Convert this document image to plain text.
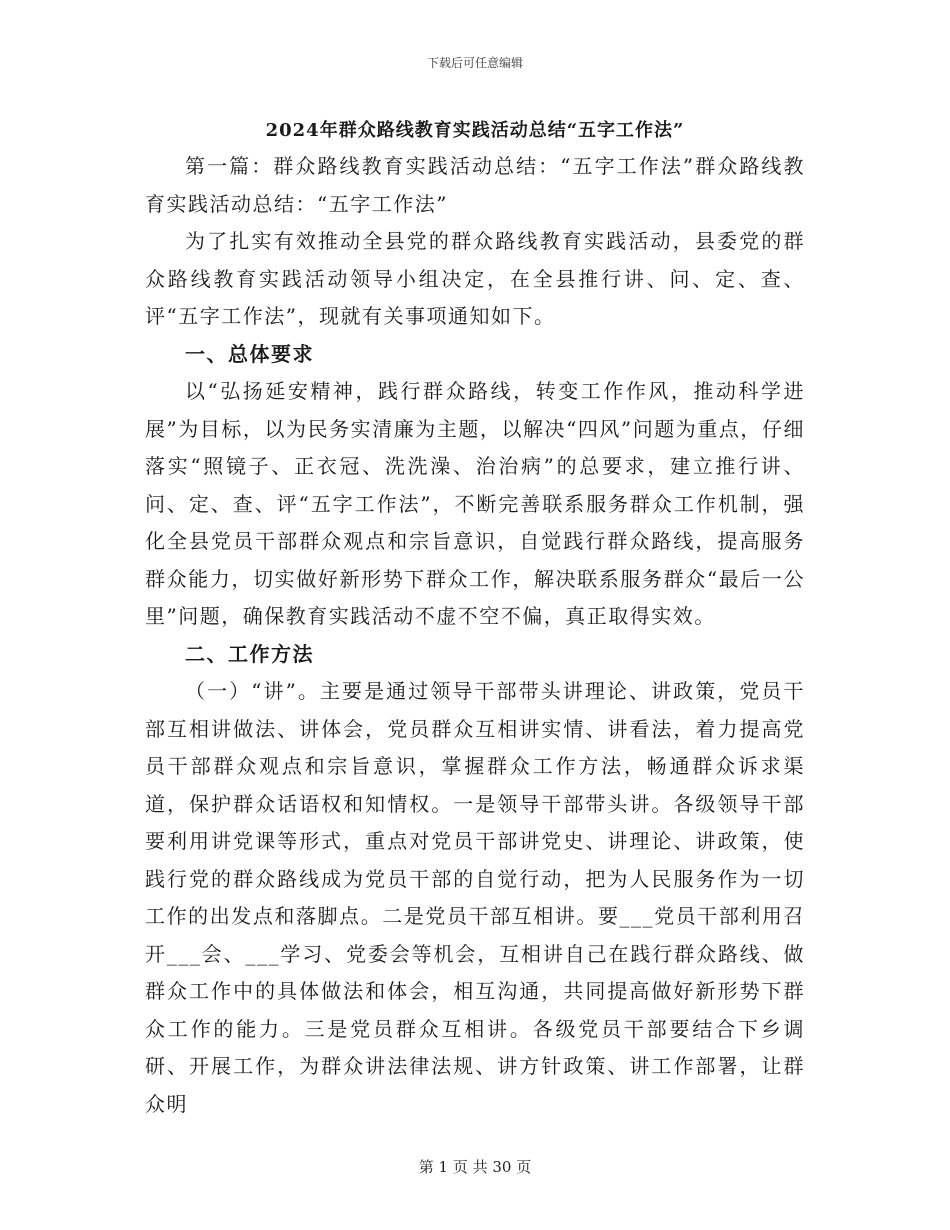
下载后可任意编辑
2024年群众路线教育实践活动总结“五字工作法”

第一篇：群众路线教育实践活动总结：“五字工作法”群众路线教育实践活动总结：“五字工作法”

为了扎实有效推动全县党的群众路线教育实践活动，县委党的群众路线教育实践活动领导小组决定，在全县推行讲、问、定、查、评“五字工作法”，现就有关事项通知如下。

一、总体要求

以“弘扬延安精神，践行群众路线，转变工作作风，推动科学进展”为目标，以为民务实清廉为主题，以解决“四风”问题为重点，仔细落实“照镜子、正衣冠、洗洗澡、治治病”的总要求，建立推行讲、问、定、查、评“五字工作法”，不断完善联系服务群众工作机制，强化全县党员干部群众观点和宗旨意识，自觉践行群众路线，提高服务群众能力，切实做好新形势下群众工作，解决联系服务群众“最后一公里”问题，确保教育实践活动不虚不空不偏，真正取得实效。

二、工作方法

（一）“讲”。主要是通过领导干部带头讲理论、讲政策，党员干部互相讲做法、讲体会，党员群众互相讲实情、讲看法，着力提高党员干部群众观点和宗旨意识，掌握群众工作方法，畅通群众诉求渠道，保护群众话语权和知情权。一是领导干部带头讲。各级领导干部要利用讲党课等形式，重点对党员干部讲党史、讲理论、讲政策，使践行党的群众路线成为党员干部的自觉行动，把为人民服务作为一切工作的出发点和落脚点。二是党员干部互相讲。要___党员干部利用召开___会、___学习、党委会等机会，互相讲自己在践行群众路线、做群众工作中的具体做法和体会，相互沟通，共同提高做好新形势下群众工作的能力。三是党员群众互相讲。各级党员干部要结合下乡调研、开展工作，为群众讲法律法规、讲方针政策、讲工作部署，让群众明

第 1 页 共 30 页
